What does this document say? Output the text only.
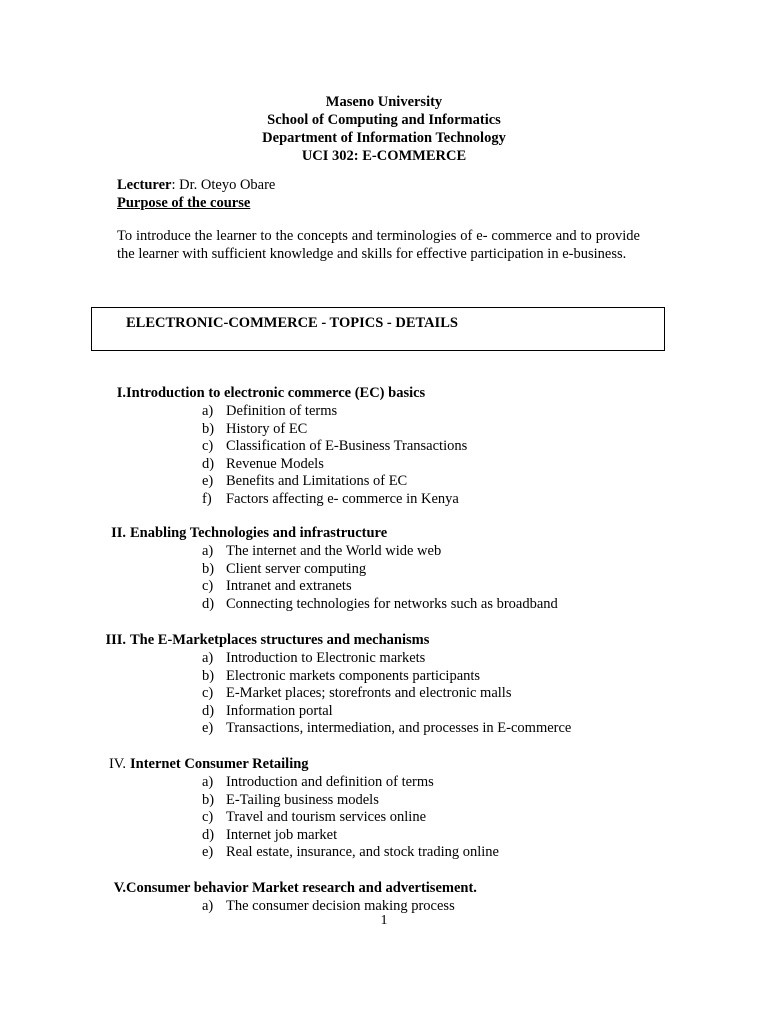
Maseno University
School of Computing and Informatics
Department of Information Technology
UCI 302: E-COMMERCE
Lecturer: Dr. Oteyo Obare
Purpose of the course
To introduce the learner to the concepts and terminologies of e- commerce and to provide the learner with sufficient knowledge and skills for effective participation in e-business.
ELECTRONIC-COMMERCE - TOPICS - DETAILS
I. Introduction to electronic commerce (EC) basics
a) Definition of terms
b) History of EC
c) Classification of E-Business Transactions
d) Revenue Models
e) Benefits and Limitations of EC
f) Factors affecting e- commerce in Kenya
II. Enabling Technologies and infrastructure
a) The internet and the World wide web
b) Client server computing
c) Intranet and extranets
d) Connecting technologies for networks such as broadband
III. The E-Marketplaces structures and mechanisms
a) Introduction to Electronic markets
b) Electronic markets components participants
c) E-Market places; storefronts and electronic malls
d) Information portal
e) Transactions, intermediation, and processes in E-commerce
IV. Internet Consumer Retailing
a) Introduction and definition of terms
b) E-Tailing business models
c) Travel and tourism services online
d) Internet job market
e) Real estate, insurance, and stock trading online
V. Consumer behavior Market research and advertisement.
a) The consumer decision making process
1
